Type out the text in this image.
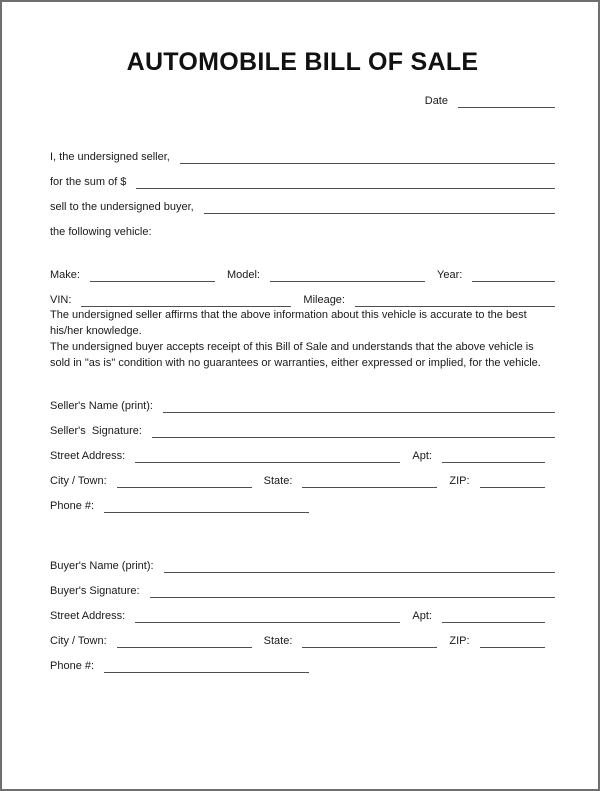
AUTOMOBILE BILL OF SALE
Date
I, the undersigned seller,
for the sum of $
sell to the undersigned buyer,
the following vehicle:
Make:	Model:	Year:
VIN:	Mileage:

The undersigned seller affirms that the above information about this vehicle is accurate to the best his/her knowledge.

The undersigned buyer accepts receipt of this Bill of Sale and understands that the above vehicle is sold in "as is" condition with no guarantees or warranties, either expressed or implied, for the vehicle.

Seller's Name (print):
Seller's  Signature:
Street Address:	Apt:
City / Town:	State:	ZIP:
Phone #:
Buyer's Name (print):
Buyer's Signature:
Street Address:	Apt:
City / Town:	State:	ZIP:
Phone #:
